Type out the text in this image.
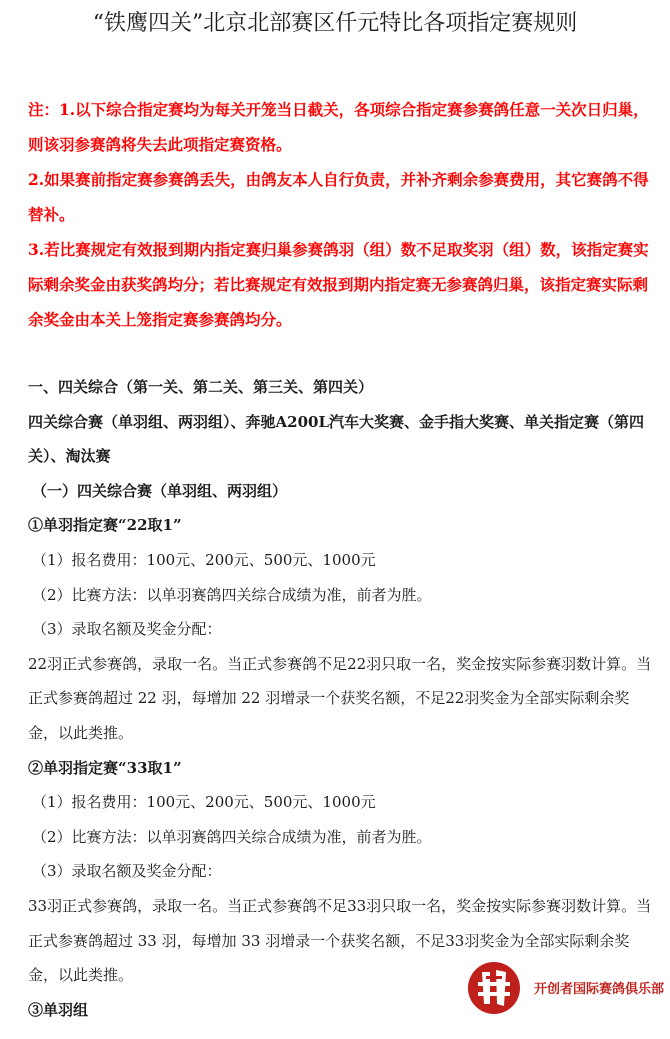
“铁鹰四关”北京北部赛区仟元特比各项指定赛规则

注：1.以下综合指定赛均为每关开笼当日截关，各项综合指定赛参赛鸽任意一关次日归巢，则该羽参赛鸽将失去此项指定赛资格。

2.如果赛前指定赛参赛鸽丢失，由鸽友本人自行负责，并补齐剩余参赛费用，其它赛鸽不得替补。

3.若比赛规定有效报到期内指定赛归巢参赛鸽羽（组）数不足取奖羽（组）数，该指定赛实际剩余奖金由获奖鸽均分；若比赛规定有效报到期内指定赛无参赛鸽归巢，该指定赛实际剩余奖金由本关上笼指定赛参赛鸽均分。

一、四关综合（第一关、第二关、第三关、第四关）

四关综合赛（单羽组、两羽组）、奔驰A200L汽车大奖赛、金手指大奖赛、单关指定赛（第四关）、淘汰赛

（一）四关综合赛（单羽组、两羽组）

①单羽指定赛“22取1”

（1）报名费用：100元、200元、500元、1000元

（2）比赛方法：以单羽赛鸽四关综合成绩为准，前者为胜。

（3）录取名额及奖金分配：

22羽正式参赛鸽，录取一名。当正式参赛鸽不足22羽只取一名，奖金按实际参赛羽数计算。当正式参赛鸽超过 22 羽，每增加 22 羽增录一个获奖名额，不足22羽奖金为全部实际剩余奖金，以此类推。

②单羽指定赛“33取1”

（1）报名费用：100元、200元、500元、1000元

（2）比赛方法：以单羽赛鸽四关综合成绩为准，前者为胜。

（3）录取名额及奖金分配：

33羽正式参赛鸽，录取一名。当正式参赛鸽不足33羽只取一名，奖金按实际参赛羽数计算。当正式参赛鸽超过 33 羽，每增加 33 羽增录一个获奖名额，不足33羽奖金为全部实际剩余奖金，以此类推。

③单羽组

开创者国际赛鸽俱乐部
